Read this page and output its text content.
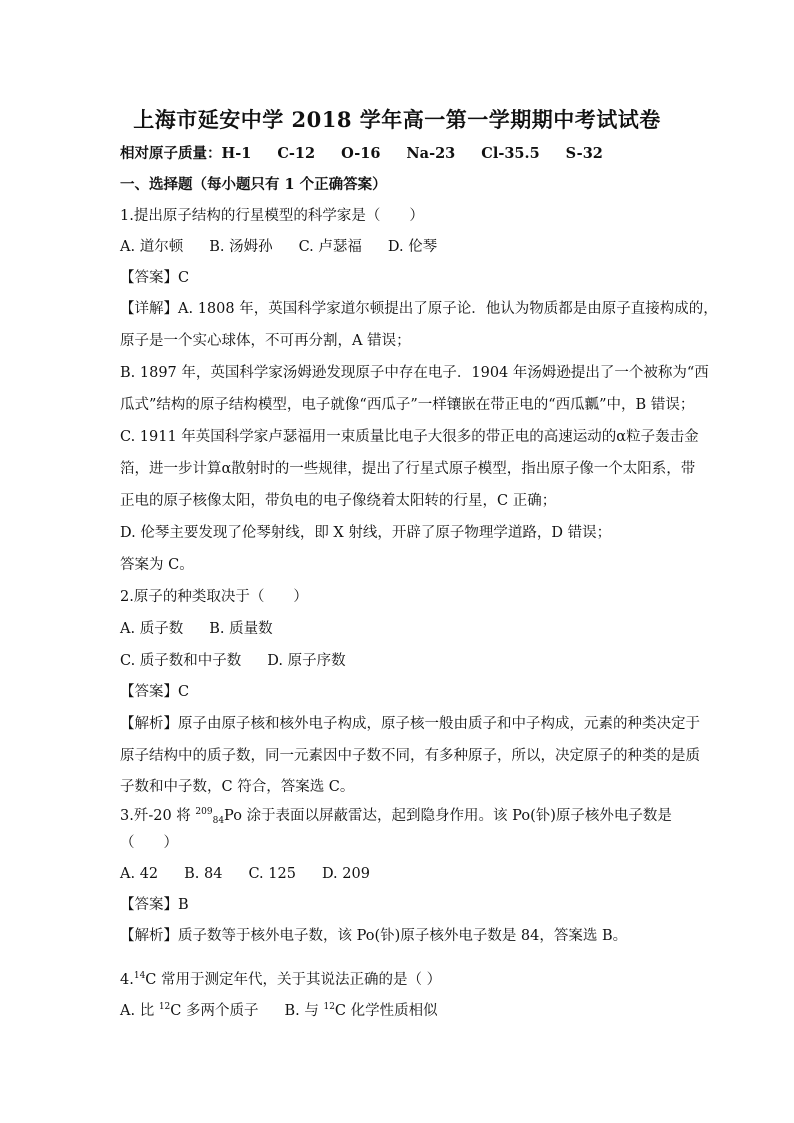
上海市延安中学 2018 学年高一第一学期期中考试试卷
相对原子质量：H-1 C-12 O-16 Na-23 Cl-35.5 S-32
一、选择题（每小题只有 1 个正确答案）
1.提出原子结构的行星模型的科学家是（　　）
A. 道尔顿 B. 汤姆孙 C. 卢瑟福 D. 伦琴
【答案】C
【详解】A. 1808 年，英国科学家道尔顿提出了原子论．他认为物质都是由原子直接构成的，
原子是一个实心球体，不可再分割，A 错误；
B. 1897 年，英国科学家汤姆逊发现原子中存在电子．1904 年汤姆逊提出了一个被称为“西
瓜式”结构的原子结构模型，电子就像“西瓜子”一样镶嵌在带正电的“西瓜瓤”中，B 错误；
C. 1911 年英国科学家卢瑟福用一束质量比电子大很多的带正电的高速运动的α粒子轰击金
箔，进一步计算α散射时的一些规律，提出了行星式原子模型，指出原子像一个太阳系，带
正电的原子核像太阳，带负电的电子像绕着太阳转的行星，C 正确；
D. 伦琴主要发现了伦琴射线，即 X 射线，开辟了原子物理学道路，D 错误；
答案为 C。
2.原子的种类取决于（　　）
A. 质子数 B. 质量数
C. 质子数和中子数 D. 原子序数
【答案】C
【解析】原子由原子核和核外电子构成，原子核一般由质子和中子构成，元素的种类决定于
原子结构中的质子数，同一元素因中子数不同，有多种原子，所以，决定原子的种类的是质
子数和中子数，C 符合，答案选 C。
3.歼-20 将 $^{209}_{84}$Po 涂于表面以屏蔽雷达，起到隐身作用。该 Po(钋)原子核外电子数是
（　　）
A. 42 B. 84 C. 125 D. 209
【答案】B
【解析】质子数等于核外电子数，该 Po(钋)原子核外电子数是 84，答案选 B。
4.14C 常用于测定年代，关于其说法正确的是（ ）
A. 比 $^{12}$C 多两个质子 B. 与 $^{12}$C 化学性质相似
